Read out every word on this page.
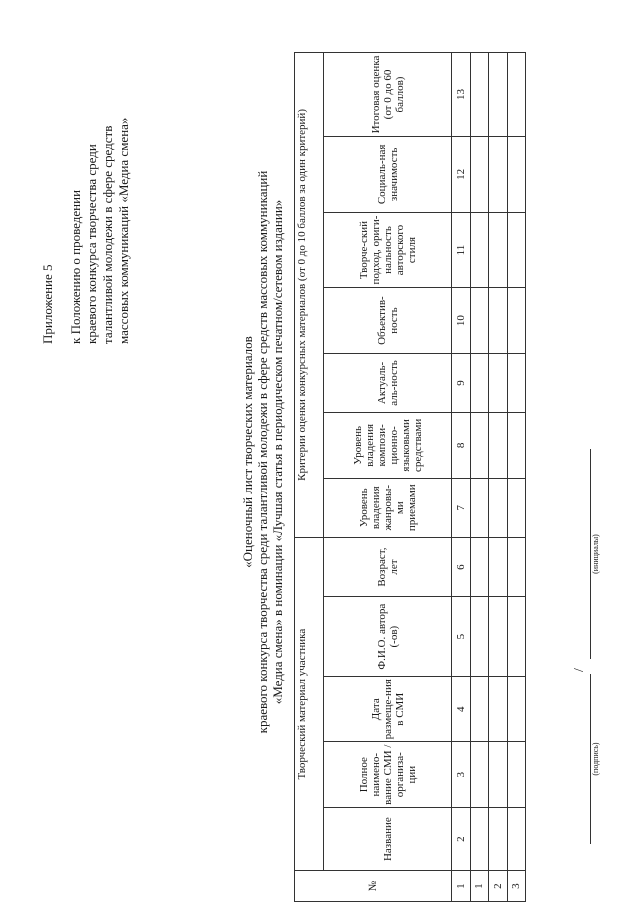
Приложение 5 к Положению о проведении краевого конкурса творчества среди талантливой молодежи в сфере средств массовых коммуникаций «Медиа смена»
«Оценочный лист творческих материалов краевого конкурса творчества среди талантливой молодежи в сфере средств массовых коммуникаций «Медиа смена» в номинации «Лучшая статья в периодическом печатном/сетевом издании»
№	Творческий материал участника					Критерии оценки конкурсных материалов (от 0 до 10 баллов за один критерий)						
	Название	Полное наимено-вание СМИ / организа-ции	Дата размеще-ния в СМИ	Ф.И.О. автора (-ов)	Возраст, лет	Уровень владения жанровы-ми приемами	Уровень владения компози-ционно-языковыми средствами	Актуаль-аль-ность	Объектив-ность	Творче-ский подход, ориги-нальность авторского стиля	Социаль-ная значимость	Итоговая оценка (от 0 до 60 баллов)
1	2	3	4	5	6	7	8	9	10	11	12	13
1												
2												
3												
/
(подпись)
(инициалы)
